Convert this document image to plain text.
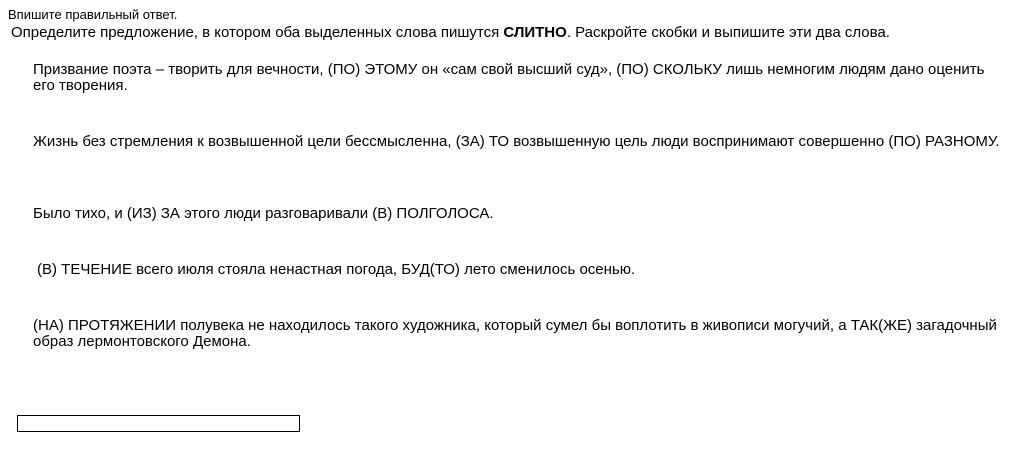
Впишите правильный ответ.
Определите предложение, в котором оба выделенных слова пишутся СЛИТНО. Раскройте скобки и выпишите эти два слова.
Призвание поэта – творить для вечности, (ПО) ЭТОМУ он «сам свой высший суд», (ПО) СКОЛЬКУ лишь немногим людям дано оценить его творения.
Жизнь без стремления к возвышенной цели бессмысленна, (ЗА) ТО возвышенную цель люди воспринимают совершенно (ПО) РАЗНОМУ.
Было тихо, и (ИЗ) ЗА этого люди разговаривали (В) ПОЛГОЛОСА.
(В) ТЕЧЕНИЕ всего июля стояла ненастная погода, БУД(ТО) лето сменилось осенью.
(НА) ПРОТЯЖЕНИИ полувека не находилось такого художника, который сумел бы воплотить в живописи могучий, а ТАК(ЖЕ) загадочный образ лермонтовского Демона.
